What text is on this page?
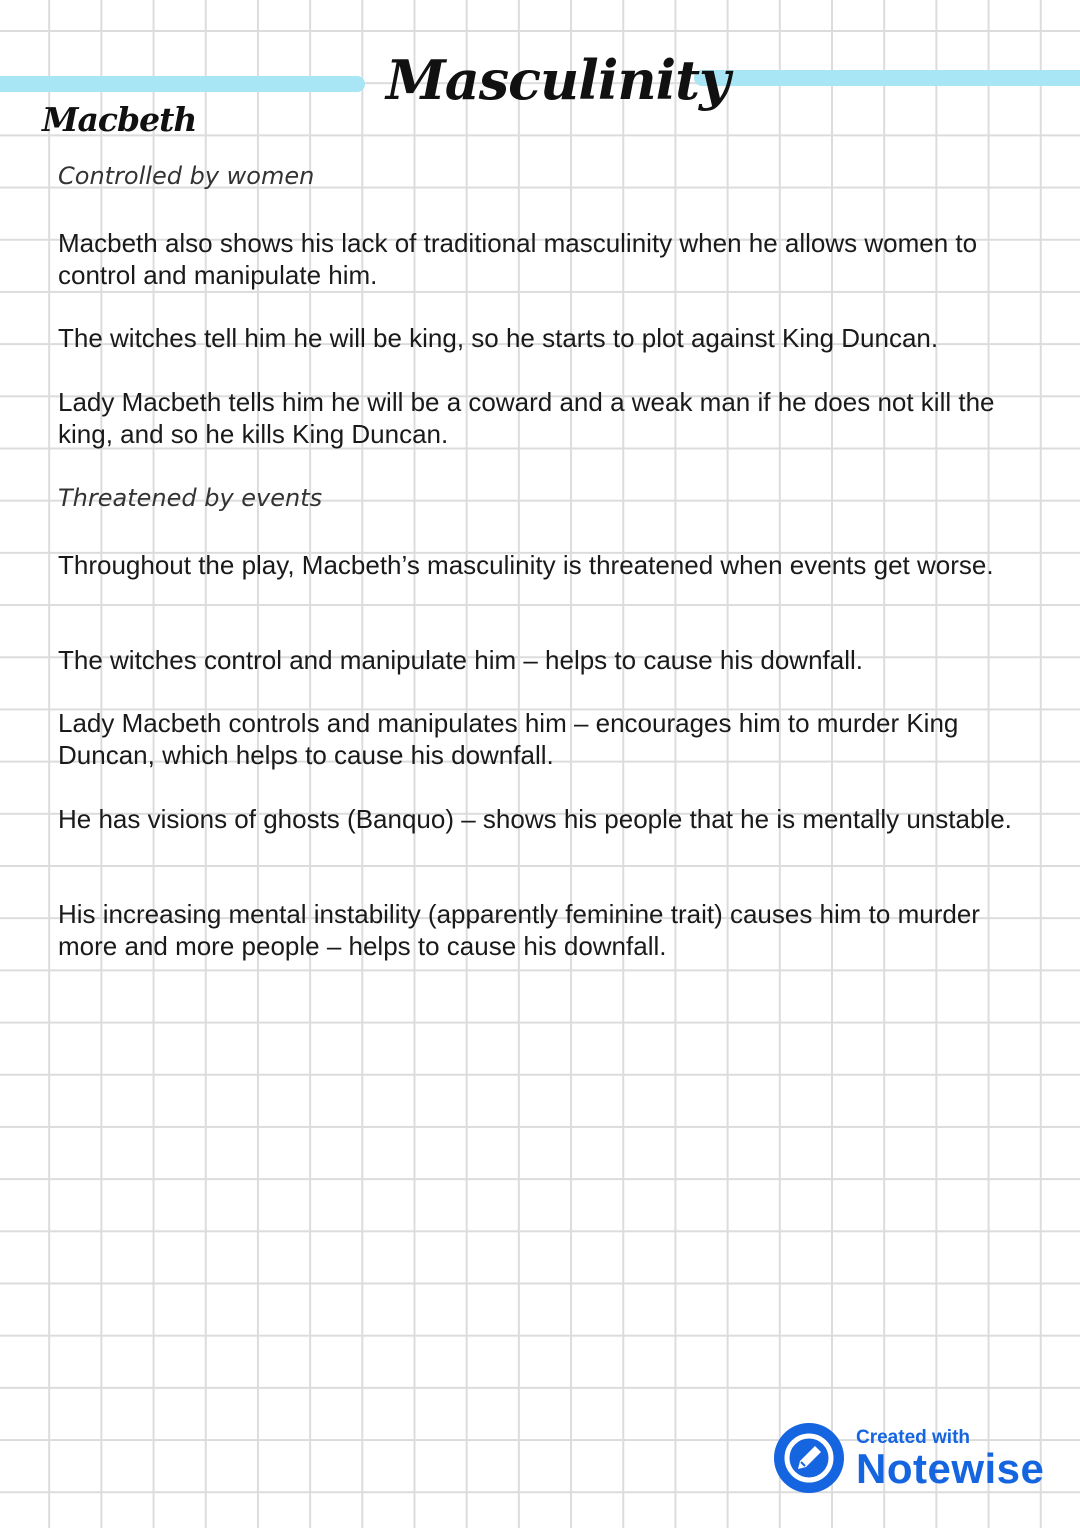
Masculinity
Macbeth

Controlled by women

Macbeth also shows his lack of traditional masculinity when he allows women to control and manipulate him.

The witches tell him he will be king, so he starts to plot against King Duncan.

Lady Macbeth tells him he will be a coward and a weak man if he does not kill the king, and so he kills King Duncan.

Threatened by events

Throughout the play, Macbeth’s masculinity is threatened when events get worse.

The witches control and manipulate him – helps to cause his downfall.

Lady Macbeth controls and manipulates him – encourages him to murder King Duncan, which helps to cause his downfall.

He has visions of ghosts (Banquo) – shows his people that he is mentally unstable.

His increasing mental instability (apparently feminine trait) causes him to murder more and more people – helps to cause his downfall.

Created with

Notewise
